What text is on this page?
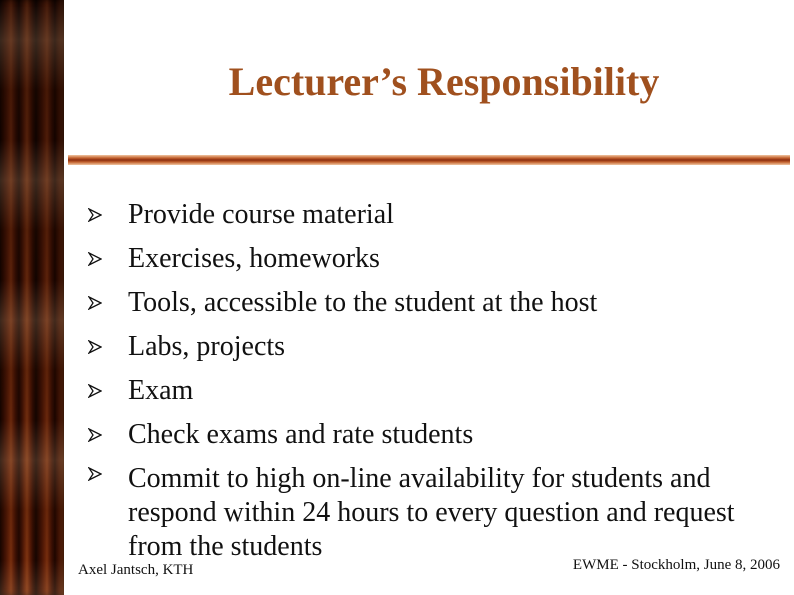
Lecturer’s Responsibility
Provide course material
Exercises, homeworks
Tools, accessible to the student at the host
Labs, projects
Exam
Check exams and rate students
Commit to high on-line availability for students and respond within 24 hours to every question and request from the students
Axel Jantsch, KTH	EWME - Stockholm, June 8, 2006
